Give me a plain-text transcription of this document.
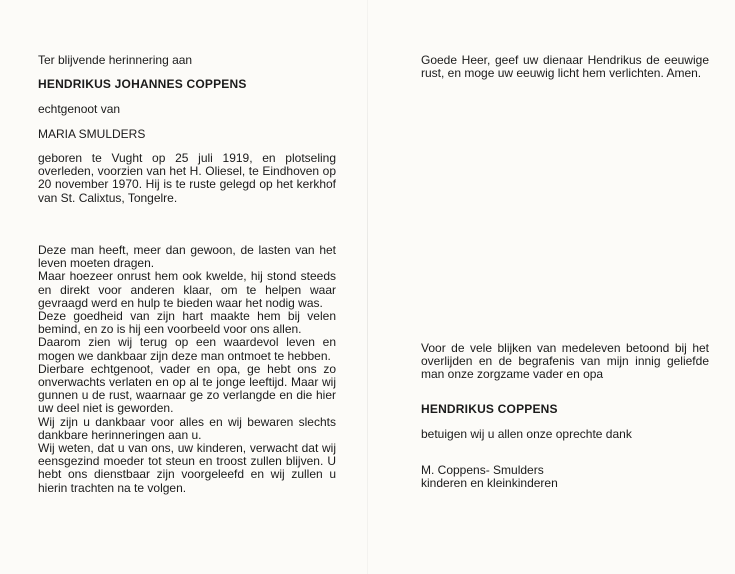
Ter blijvende herinnering aan

HENDRIKUS JOHANNES COPPENS

echtgenoot van

MARIA SMULDERS

geboren te Vught op 25 juli 1919, en plotseling overleden, voorzien van het H. Oliesel, te Eindhoven op 20 november 1970. Hij is te ruste gelegd op het kerkhof van St. Calixtus, Tongelre.

Deze man heeft, meer dan gewoon, de lasten van het leven moeten dragen.
Maar hoezeer onrust hem ook kwelde, hij stond steeds en direkt voor anderen klaar, om te helpen waar gevraagd werd en hulp te bieden waar het nodig was.
Deze goedheid van zijn hart maakte hem bij velen bemind, en zo is hij een voorbeeld voor ons allen.
Daarom zien wij terug op een waardevol leven en mogen we dankbaar zijn deze man ontmoet te hebben.
Dierbare echtgenoot, vader en opa, ge hebt ons zo onverwachts verlaten en op al te jonge leeftijd. Maar wij gunnen u de rust, waarnaar ge zo verlangde en die hier uw deel niet is geworden.
Wij zijn u dankbaar voor alles en wij bewaren slechts dankbare herinneringen aan u.
Wij weten, dat u van ons, uw kinderen, verwacht dat wij eensgezind moeder tot steun en troost zullen blijven. U hebt ons dienstbaar zijn voorgeleefd en wij zullen u hierin trachten na te volgen.

Goede Heer, geef uw dienaar Hendrikus de eeuwige rust, en moge uw eeuwig licht hem verlichten. Amen.

Voor de vele blijken van medeleven betoond bij het overlijden en de begrafenis van mijn innig geliefde man onze zorgzame vader en opa

HENDRIKUS COPPENS

betuigen wij u allen onze oprechte dank

M. Coppens- Smulders

kinderen en kleinkinderen
